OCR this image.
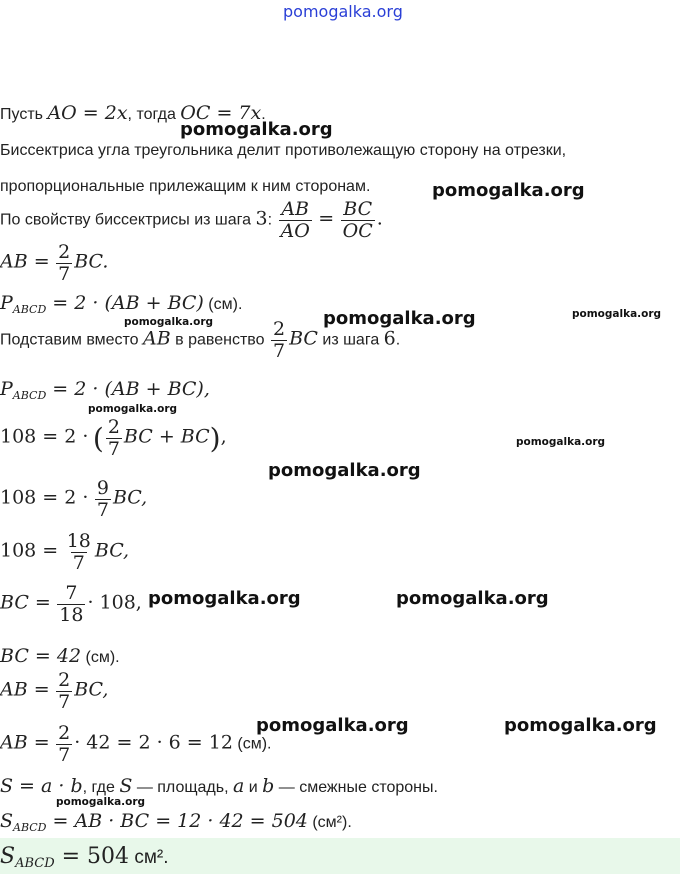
pomogalka.org
Пусть AO = 2x, тогда OC = 7x.
Биссектриса угла треугольника делит противолежащую сторону на отрезки,
пропорциональные прилежащим к ним сторонам.
По свойству биссектрисы из шага 3: $\frac{AB}{AO} = \frac{BC}{OC}$ .
AB = $\frac{2}{7}$ BC.
$P_{ABCD} = 2 \cdot (AB + BC)$ (см).
Подставим вместо AB в равенство $\frac{2}{7}$ BC из шага 6.
$P_{ABCD} = 2 \cdot (AB + BC)$,
108 = 2 · ( $\frac{2}{7}$ BC + BC),
$108 = 2 \cdot \frac{9}{7}$ BC,
$108 = \frac{18}{7}$ BC,
BC = $\frac{7}{18} \cdot 108$,
BC = 42 (см).
AB = $\frac{2}{7}$ BC,
AB = $\frac{2}{7} \cdot 42 = 2 \cdot 6 = 12$ (см).
S = a · b, где S — площадь, a и b — смежные стороны.
$S_{ABCD}$ = AB · BC = 12 · 42 = 504 (см²).
$S_{ABCD} = 504$ см².
pomogalka.org
pomogalka.org
pomogalka.org	pomogalka.org	pomogalka.org
pomogalka.org
pomogalka.org
pomogalka.org
pomogalka.org	pomogalka.org
pomogalka.org	pomogalka.org
pomogalka.org
